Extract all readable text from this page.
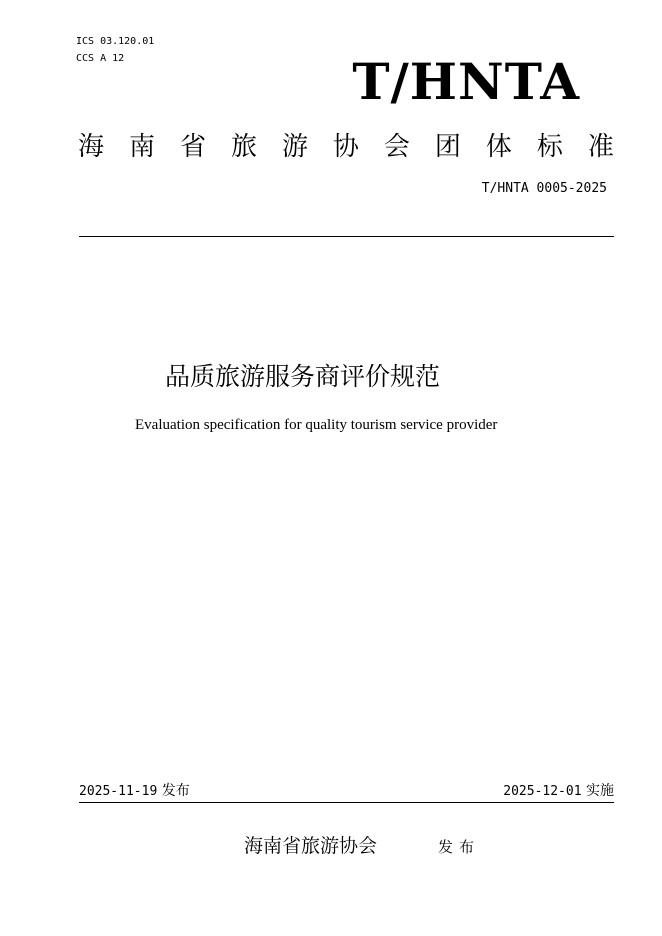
ICS 03.120.01
CCS A 12	T/HNTA
海 南 省 旅 游 协 会 团 体 标 准
T/HNTA 0005-2025
品质旅游服务商评价规范
Evaluation specification for quality tourism service provider
2025-11-19 发布	2025-12-01 实施
海南省旅游协会	发布
